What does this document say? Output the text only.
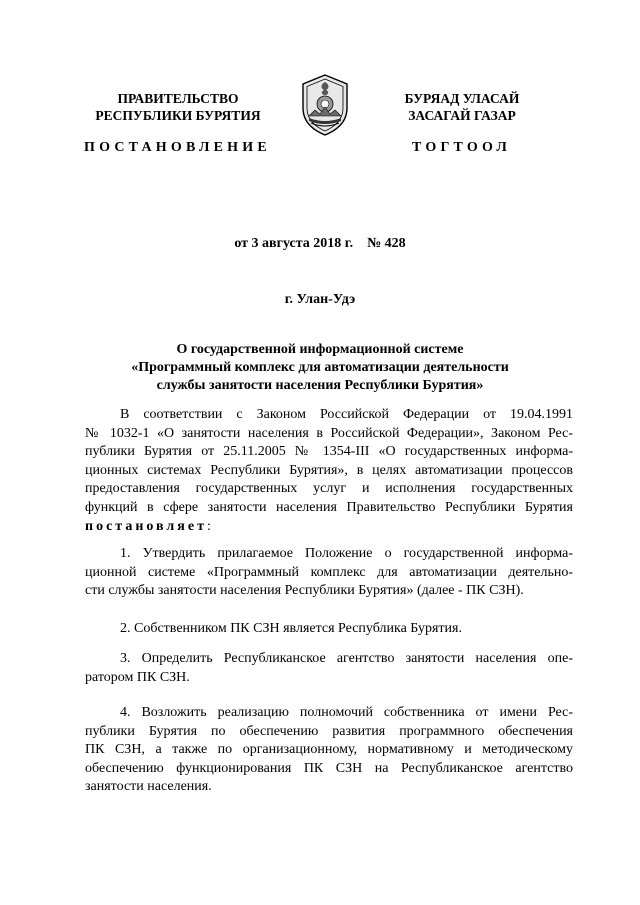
ПРАВИТЕЛЬСТВО
РЕСПУБЛИКИ БУРЯТИЯ
БУРЯАД УЛАСАЙ
ЗАСАГАЙ ГАЗАР
ПОСТАНОВЛЕНИЕ	ТОГТООЛ
от 3 августа 2018 г.    № 428
г. Улан-Удэ
О государственной информационной системе
«Программный комплекс для автоматизации деятельности
службы занятости населения Республики Бурятия»
В соответствии с Законом Российской Федерации от 19.04.1991
№ 1032-1 «О занятости населения в Российской Федерации», Законом Рес-
публики Бурятия от 25.11.2005 № 1354-III «О государственных информа-
ционных системах Республики Бурятия», в целях автоматизации процессов
предоставления государственных услуг и исполнения государственных
функций в сфере занятости населения Правительство Республики Бурятия
постановляет:
1. Утвердить прилагаемое Положение о государственной информа-
ционной системе «Программный комплекс для автоматизации деятельно-
сти службы занятости населения Республики Бурятия» (далее - ПК СЗН).
2. Собственником ПК СЗН является Республика Бурятия.
3. Определить Республиканское агентство занятости населения опе-
ратором ПК СЗН.
4. Возложить реализацию полномочий собственника от имени Рес-
публики Бурятия по обеспечению развития программного обеспечения
ПК СЗН, а также по организационному, нормативному и методическому
обеспечению функционирования ПК СЗН на Республиканское агентство
занятости населения.
